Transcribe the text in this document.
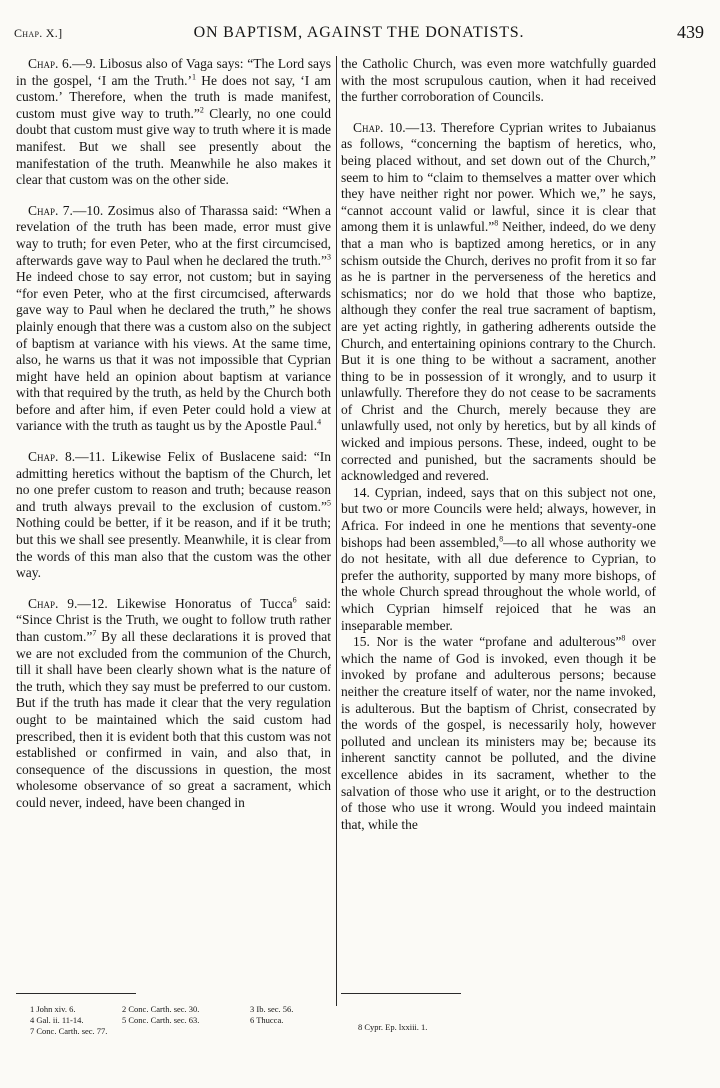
Chap. X.]	ON BAPTISM, AGAINST THE DONATISTS.	439

Chap. 6.—9. Libosus also of Vaga says: “The Lord says in the gospel, ‘I am the Truth.’$^1$ He does not say, ‘I am custom.’ Therefore, when the truth is made manifest, custom must give way to truth.”$^2$ Clearly, no one could doubt that custom must give way to truth where it is made manifest. But we shall see presently about the manifestation of the truth. Meanwhile he also makes it clear that custom was on the other side.

Chap. 7.—10. Zosimus also of Tharassa said: “When a revelation of the truth has been made, error must give way to truth; for even Peter, who at the first circumcised, afterwards gave way to Paul when he declared the truth.”$^3$ He indeed chose to say error, not custom; but in saying “for even Peter, who at the first circumcised, afterwards gave way to Paul when he declared the truth,” he shows plainly enough that there was a custom also on the subject of baptism at variance with his views. At the same time, also, he warns us that it was not impossible that Cyprian might have held an opinion about baptism at variance with that required by the truth, as held by the Church both before and after him, if even Peter could hold a view at variance with the truth as taught us by the Apostle Paul.$^4$

Chap. 8.—11. Likewise Felix of Buslacene said: “In admitting heretics without the baptism of the Church, let no one prefer custom to reason and truth; because reason and truth always prevail to the exclusion of custom.”$^5$ Nothing could be better, if it be reason, and if it be truth; but this we shall see presently. Meanwhile, it is clear from the words of this man also that the custom was the other way.

Chap. 9.—12. Likewise Honoratus of Tucca$^6$ said: “Since Christ is the Truth, we ought to follow truth rather than custom.”$^7$ By all these declarations it is proved that we are not excluded from the communion of the Church, till it shall have been clearly shown what is the nature of the truth, which they say must be preferred to our custom. But if the truth has made it clear that the very regulation ought to be maintained which the said custom had prescribed, then it is evident both that this custom was not established or confirmed in vain, and also that, in consequence of the discussions in question, the most wholesome observance of so great a sacrament, which could never, indeed, have been changed in

the Catholic Church, was even more watchfully guarded with the most scrupulous caution, when it had received the further corroboration of Councils.

Chap. 10.—13. Therefore Cyprian writes to Jubaianus as follows, “concerning the baptism of heretics, who, being placed without, and set down out of the Church,” seem to him to “claim to themselves a matter over which they have neither right nor power. Which we,” he says, “cannot account valid or lawful, since it is clear that among them it is unlawful.”$^8$ Neither, indeed, do we deny that a man who is baptized among heretics, or in any schism outside the Church, derives no profit from it so far as he is partner in the perverseness of the heretics and schismatics; nor do we hold that those who baptize, although they confer the real true sacrament of baptism, are yet acting rightly, in gathering adherents outside the Church, and entertaining opinions contrary to the Church. But it is one thing to be without a sacrament, another thing to be in possession of it wrongly, and to usurp it unlawfully. Therefore they do not cease to be sacraments of Christ and the Church, merely because they are unlawfully used, not only by heretics, but by all kinds of wicked and impious persons. These, indeed, ought to be corrected and punished, but the sacraments should be acknowledged and revered.

14. Cyprian, indeed, says that on this subject not one, but two or more Councils were held; always, however, in Africa. For indeed in one he mentions that seventy-one bishops had been assembled,$^8$—to all whose authority we do not hesitate, with all due deference to Cyprian, to prefer the authority, supported by many more bishops, of the whole Church spread throughout the whole world, of which Cyprian himself rejoiced that he was an inseparable member.

15. Nor is the water “profane and adulterous”$^8$ over which the name of God is invoked, even though it be invoked by profane and adulterous persons; because neither the creature itself of water, nor the name invoked, is adulterous. But the baptism of Christ, consecrated by the words of the gospel, is necessarily holy, however polluted and unclean its ministers may be; because its inherent sanctity cannot be polluted, and the divine excellence abides in its sacrament, whether to the salvation of those who use it aright, or to the destruction of those who use it wrong. Would you indeed maintain that, while the

1 John xiv. 6.	2 Conc. Carth. sec. 30.	3 Ib. sec. 56.
4 Gal. ii. 11-14.	5 Conc. Carth. sec. 63.	6 Thucca.
7 Conc. Carth. sec. 77.	8 Cypr. Ep. lxxiii. 1.
